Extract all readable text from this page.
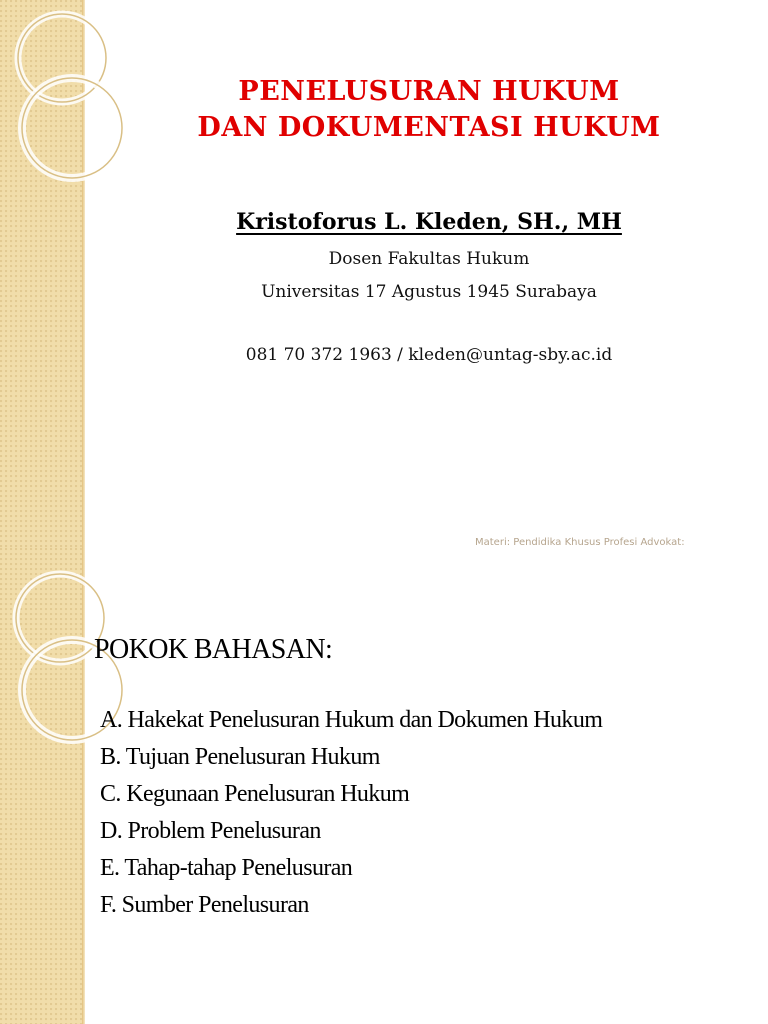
PENELUSURAN HUKUM
DAN DOKUMENTASI HUKUM
Kristoforus L. Kleden, SH., MH
Dosen Fakultas Hukum
Universitas 17 Agustus 1945 Surabaya
081 70 372 1963 / kleden@untag-sby.ac.id
Materi: Pendidika Khusus Profesi Advokat:
POKOK BAHASAN:
A. Hakekat Penelusuran Hukum dan Dokumen Hukum
B. Tujuan Penelusuran Hukum
C. Kegunaan Penelusuran Hukum
D. Problem Penelusuran
E. Tahap-tahap Penelusuran
F. Sumber Penelusuran
